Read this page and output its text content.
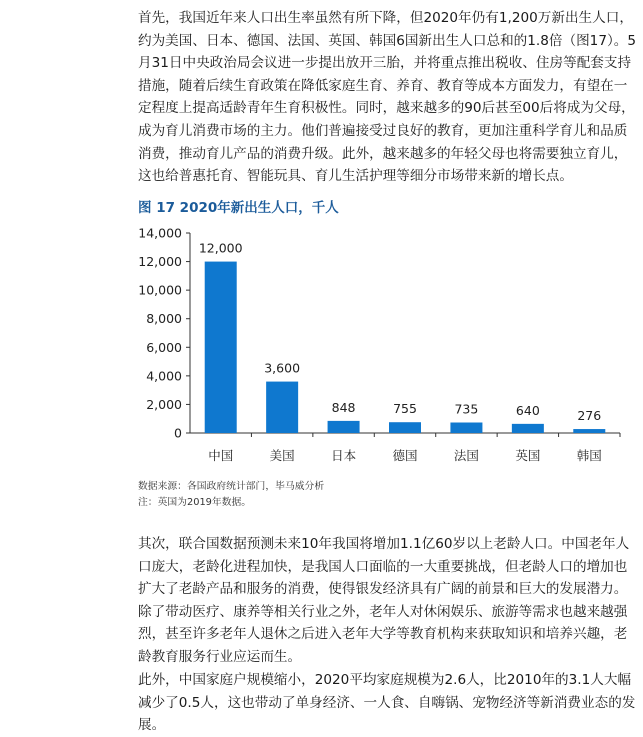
首先，我国近年来人口出生率虽然有所下降，但2020年仍有1,200万新出生人口，约为美国、日本、德国、法国、英国、韩国6国新出生人口总和的1.8倍（图17）。5月31日中央政治局会议进一步提出放开三胎，并将重点推出税收、住房等配套支持措施，随着后续生育政策在降低家庭生育、养育、教育等成本方面发力，有望在一定程度上提高适龄青年生育积极性。同时，越来越多的90后甚至00后将成为父母，成为育儿消费市场的主力。他们普遍接受过良好的教育，更加注重科学育儿和品质消费，推动育儿产品的消费升级。此外，越来越多的年轻父母也将需要独立育儿，这也给普惠托育、智能玩具、育儿生活护理等细分市场带来新的增长点。

图 17 2020年新出生人口，千人

0
2,000
4,000
6,000
8,000
10,000
12,000
14,000
12,000
中国
3,600
美国
848
日本
755
德国
735
法国
640
英国
276
韩国

数据来源：各国政府统计部门，毕马威分析

注：英国为2019年数据。

其次，联合国数据预测未来10年我国将增加1.1亿60岁以上老龄人口。中国老年人口庞大，老龄化进程加快，是我国人口面临的一大重要挑战，但老龄人口的增加也扩大了老龄产品和服务的消费，使得银发经济具有广阔的前景和巨大的发展潜力。除了带动医疗、康养等相关行业之外，老年人对休闲娱乐、旅游等需求也越来越强烈，甚至许多老年人退休之后进入老年大学等教育机构来获取知识和培养兴趣，老龄教育服务行业应运而生。

此外，中国家庭户规模缩小，2020平均家庭规模为2.6人，比2010年的3.1人大幅减少了0.5人，这也带动了单身经济、一人食、自嗨锅、宠物经济等新消费业态的发展。
